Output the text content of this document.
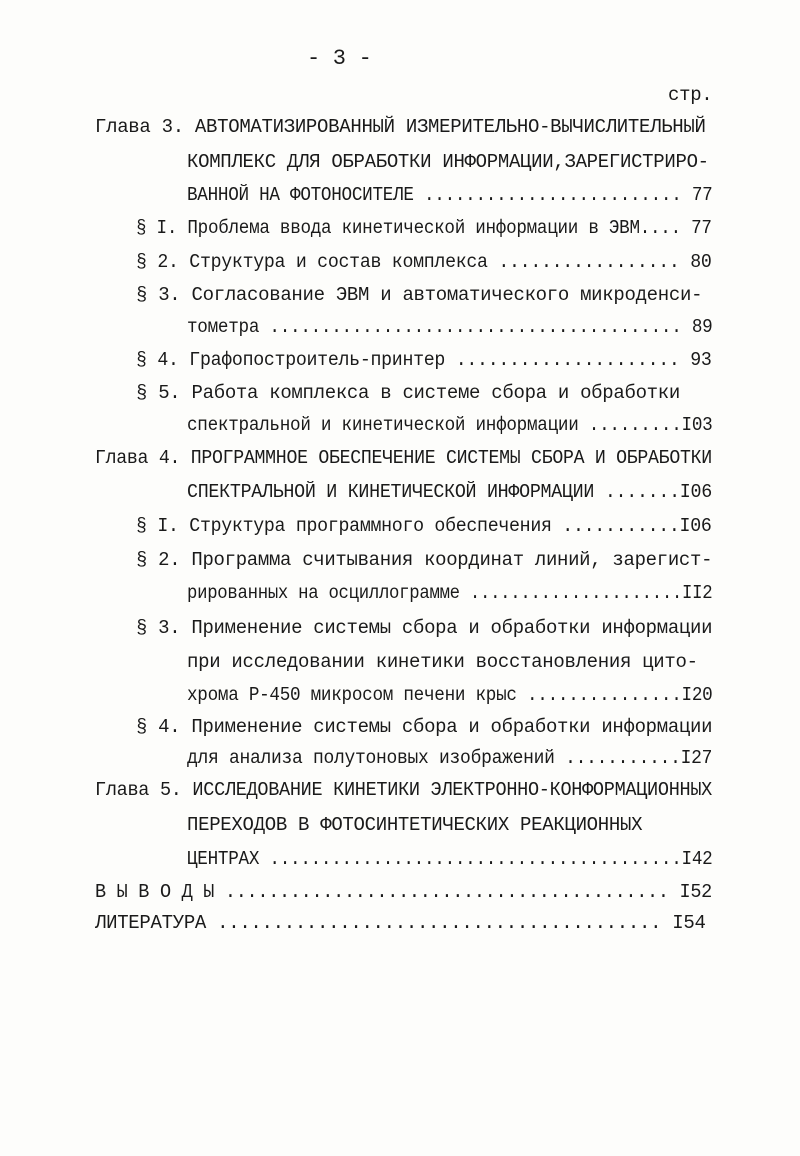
- 3 -
стр.
Глава 3. АВТОМАТИЗИРОВАННЫЙ ИЗМЕРИТЕЛЬНО-ВЫЧИСЛИТЕЛЬНЫЙ
КОМПЛЕКС ДЛЯ ОБРАБОТКИ ИНФОРМАЦИИ,ЗАРЕГИСТРИРО-
ВАННОЙ НА ФОТОНОСИТЕЛЕ ......................... 77
§ I. Проблема ввода кинетической информации в ЭВМ.... 77
§ 2. Структура и состав комплекса ................. 80
§ 3. Согласование ЭВМ и автоматического микроденси-
тометра ........................................ 89
§ 4. Графопостроитель-принтер ..................... 93
§ 5. Работа комплекса в системе сбора и обработки
спектральной и кинетической информации .........I03
Глава 4. ПРОГРАММНОЕ ОБЕСПЕЧЕНИЕ СИСТЕМЫ СБОРА И ОБРАБОТКИ
СПЕКТРАЛЬНОЙ И КИНЕТИЧЕСКОЙ ИНФОРМАЦИИ .......I06
§ I. Структура программного обеспечения ...........I06
§ 2. Программа считывания координат линий, зарегист-
рированных на осциллограмме .....................II2
§ 3. Применение системы сбора и обработки информации
при исследовании кинетики восстановления цито-
хрома Р-450 микросом печени крыс ...............I20
§ 4. Применение системы сбора и обработки информации
для анализа полутоновых изображений ...........I27
Глава 5. ИССЛЕДОВАНИЕ КИНЕТИКИ ЭЛЕКТРОННО-КОНФОРМАЦИОННЫХ
ПЕРЕХОДОВ В ФОТОСИНТЕТИЧЕСКИХ РЕАКЦИОННЫХ
ЦЕНТРАХ ........................................I42
В Ы В О Д Ы ......................................... I52
ЛИТЕРАТУРА ........................................ I54
